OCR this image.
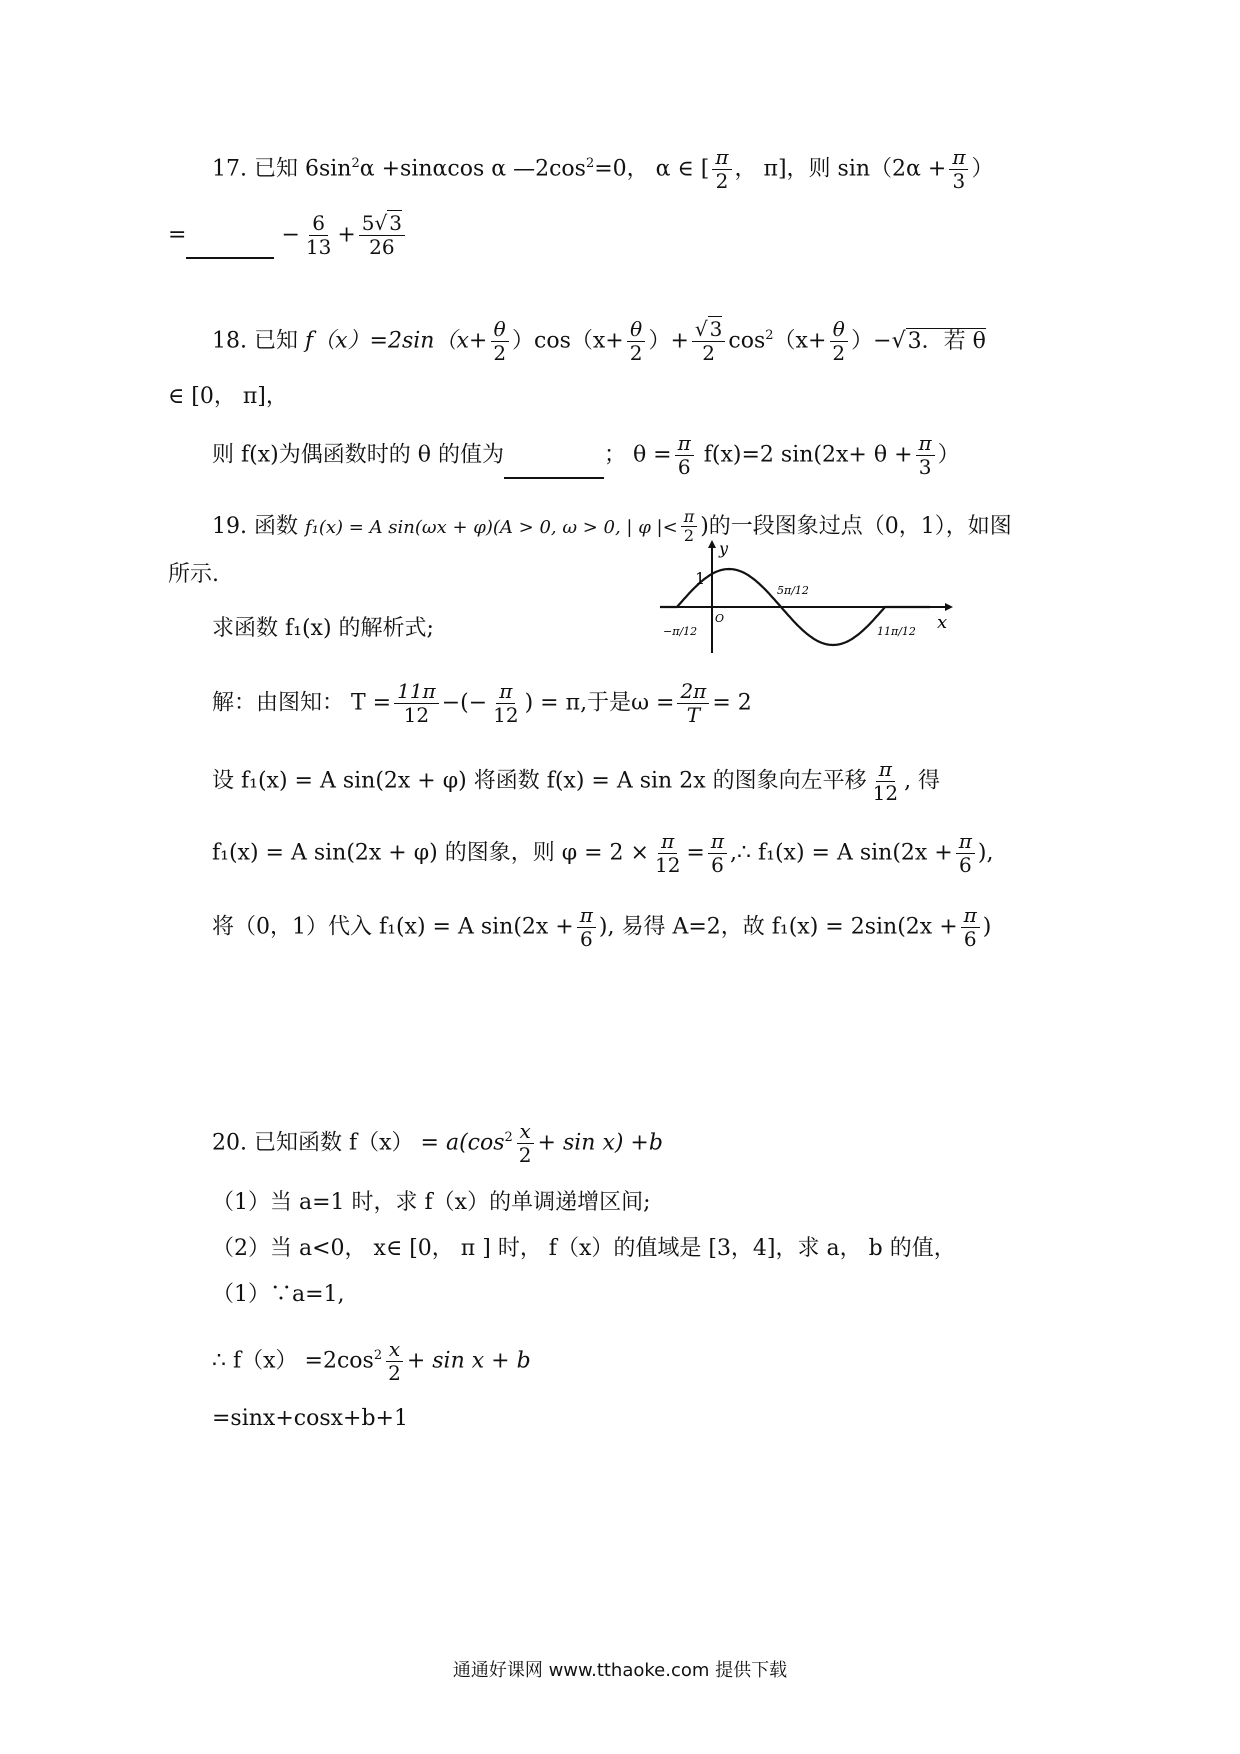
17. 已知 $6\sin^2\alpha +\sin\alpha\cos$ α $—2\cos^2=0$， α ∈ [ $\frac{\pi}{2}$ ， π]，则 $\sin(2\alpha + \frac{\pi}{3}$ ）
=	− $\frac{6}{13} + \frac{5√ 3}{26}$
18. 已知 $f(x)=2\sin(x+ \frac{\theta}{2} )\cos(x+ \frac{\theta}{2}$ ）+ $\frac{√ 3}{2} \cos^2(x+ \frac{\theta}{2} )-√3$．若 θ
∈ [0， π]，
则 f(x)为偶函数时的 θ 的值为	； $\theta = \frac{\pi}{6} f(x)=2$ $\sin(2x+ \theta + \frac{\pi}{3}$ ）
19. 函数 f₁(x) = A sin(ωx + φ)(A > 0, ω > 0, | φ |< $\frac{\pi}{2}$ )的一段图象过点（0，1），如图
所示.
y
x
1
O
−π/12
5π/12
11π/12
求函数 f₁(x) 的解析式;
解：由图知： $T = \frac{11\pi}{12}$ −(− $\frac{\pi}{12}$ ) = π,于是$\omega = \frac{2\pi}{T} = 2$
设 f₁(x) = A sin(2x + φ) 将函数 f(x) = A sin 2x 的图象向左平移 $\frac{\pi}{12}$ , 得
f₁(x) = A sin(2x + φ) 的图象，则 $\varphi = 2 \times \frac{\pi}{12} = \frac{\pi}{6}$ ,∴ f₁(x) = A $\sin(2x + \frac{\pi}{6}$ ),
将（0，1）代入 f₁(x) = A $\sin(2x + \frac{\pi}{6}$ ), 易得 A=2，故 $f_1(x) = 2\sin(2x + \frac{\pi}{6}$ )
20. 已知函数 $f(x) = a(\cos^2 \frac{x}{2} + \sin x) +b$
（1）当 a=1 时，求 f（x）的单调递增区间;
（2）当 a<0， x∈ [0， π ] 时， f（x）的值域是 [3，4]，求 a， b 的值，
（1）∵a=1,
∴ $f(x) =2\cos^2 \frac{x}{2} + \sin x + b$
=sinx+cosx+b+1
通通好课网 www.tthaoke.com 提供下载
